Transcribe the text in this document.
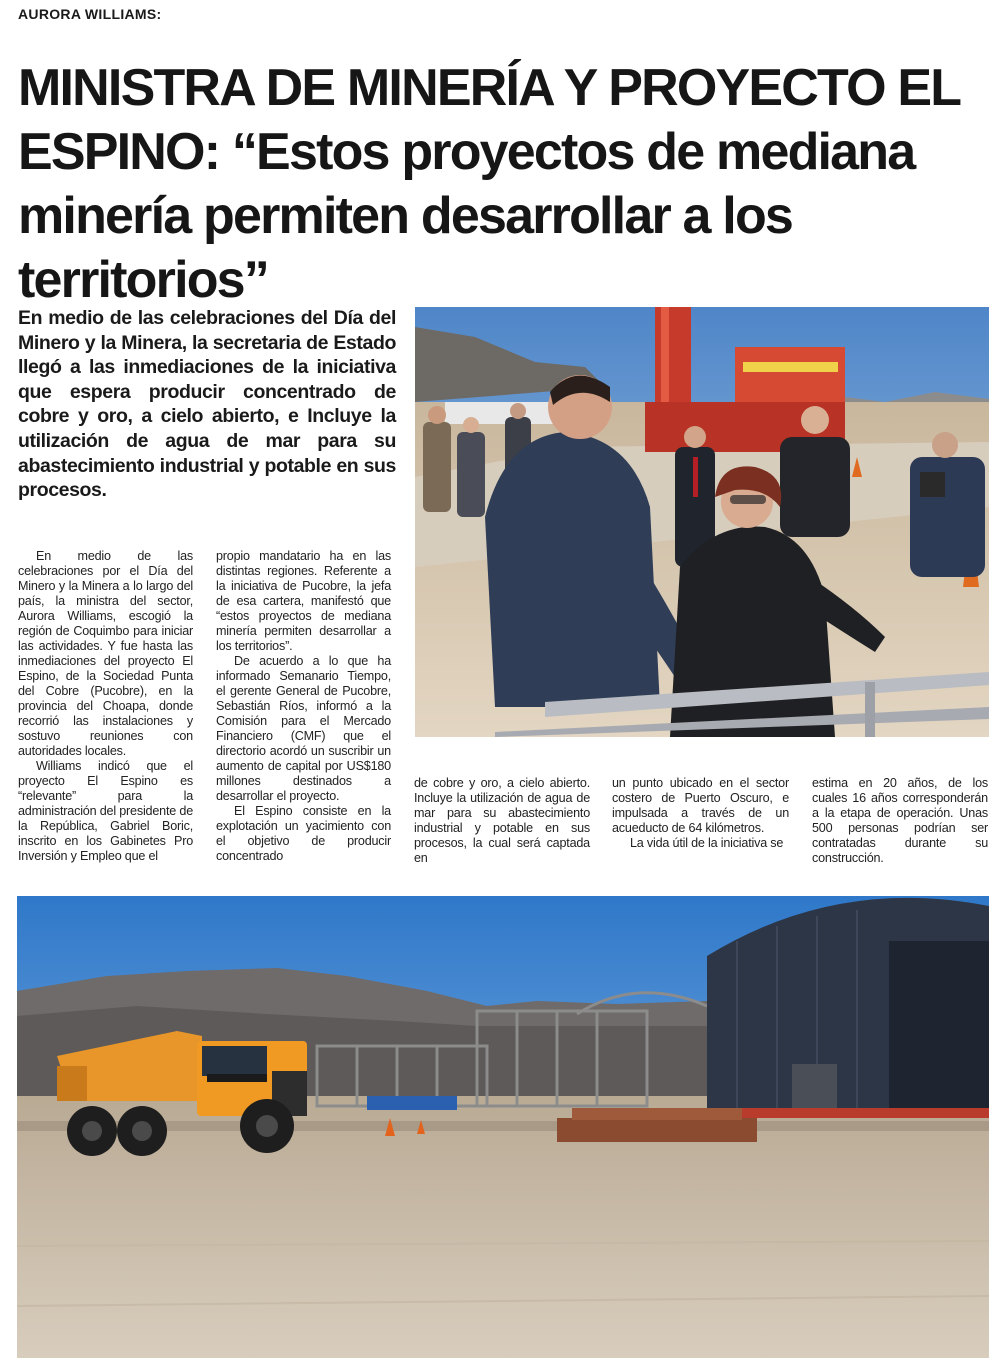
AURORA WILLIAMS:
MINISTRA DE MINERÍA Y PROYECTO EL ESPINO: “Estos proyectos de mediana minería permiten desarrollar a los territorios”

En medio de las celebraciones del Día del Minero y la Minera, la secretaria de Estado llegó a las inmediaciones de la iniciativa que espera producir concentrado de cobre y oro, a cielo abierto, e Incluye la utilización de agua de mar para su abastecimiento industrial y potable en sus procesos.

En medio de las celebraciones por el Día del Minero y la Minera a lo largo del país, la ministra del sector, Aurora Williams, escogió la región de Coquimbo para iniciar las actividades. Y fue hasta las inmediaciones del proyecto El Espino, de la Sociedad Punta del Cobre (Pucobre), en la provincia del Choapa, donde recorrió las instalaciones y sostuvo reuniones con autoridades locales.

Williams indicó que el proyecto El Espino es “relevante” para la administración del presidente de la República, Gabriel Boric, inscrito en los Gabinetes Pro Inversión y Empleo que el

propio mandatario ha en las distintas regiones. Referente a la iniciativa de Pucobre, la jefa de esa cartera, manifestó que “estos proyectos de mediana minería permiten desarrollar a los territorios”.

De acuerdo a lo que ha informado Semanario Tiempo, el gerente General de Pucobre, Sebastián Ríos, informó a la Comisión para el Mercado Financiero (CMF) que el directorio acordó un suscribir un aumento de capital por US$180 millones destinados a desarrollar el proyecto.

El Espino consiste en la explotación un yacimiento con el objetivo de producir concentrado

de cobre y oro, a cielo abierto. Incluye la utilización de agua de mar para su abastecimiento industrial y potable en sus procesos, la cual será captada en

un punto ubicado en el sector costero de Puerto Oscuro, e impulsada a través de un acueducto de 64 kilómetros.

La vida útil de la iniciativa se

estima en 20 años, de los cuales 16 años corresponderán a la etapa de operación. Unas 500 personas podrían ser contratadas durante su construcción.
